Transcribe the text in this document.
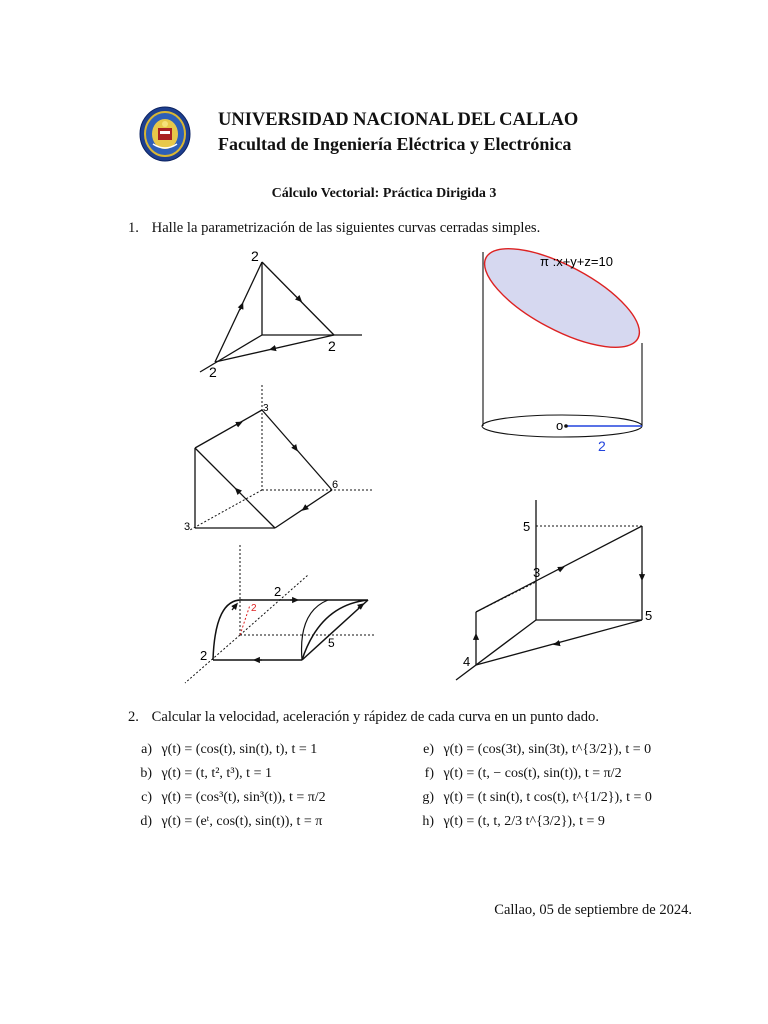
UNIVERSIDAD NACIONAL DEL CALLAO
Facultad de Ingeniería Eléctrica y Electrónica
Cálculo Vectorial: Práctica Dirigida 3
1. Halle la parametrización de las siguientes curvas cerradas simples.
2
2
2
π :x+y+z=10
o
2
3
6
3	5
3
5
4
2
2
5
2
2. Calcular la velocidad, aceleración y rápidez de cada curva en un punto dado.
a) γ(t) = (cos(t), sin(t), t), t = 1
b) γ(t) = (t, t², t³), t = 1
c) γ(t) = (cos³(t), sin³(t)), t = π/2
d) γ(t) = (eᵗ, cos(t), sin(t)), t = π
e) γ(t) = (cos(3t), sin(3t), t^{3/2}), t = 0
f) γ(t) = (t, − cos(t), sin(t)), t = π/2
g) γ(t) = (t sin(t), t cos(t), t^{1/2}), t = 0
h) γ(t) = (t, t, 2/3 t^{3/2}), t = 9
Callao, 05 de septiembre de 2024.
